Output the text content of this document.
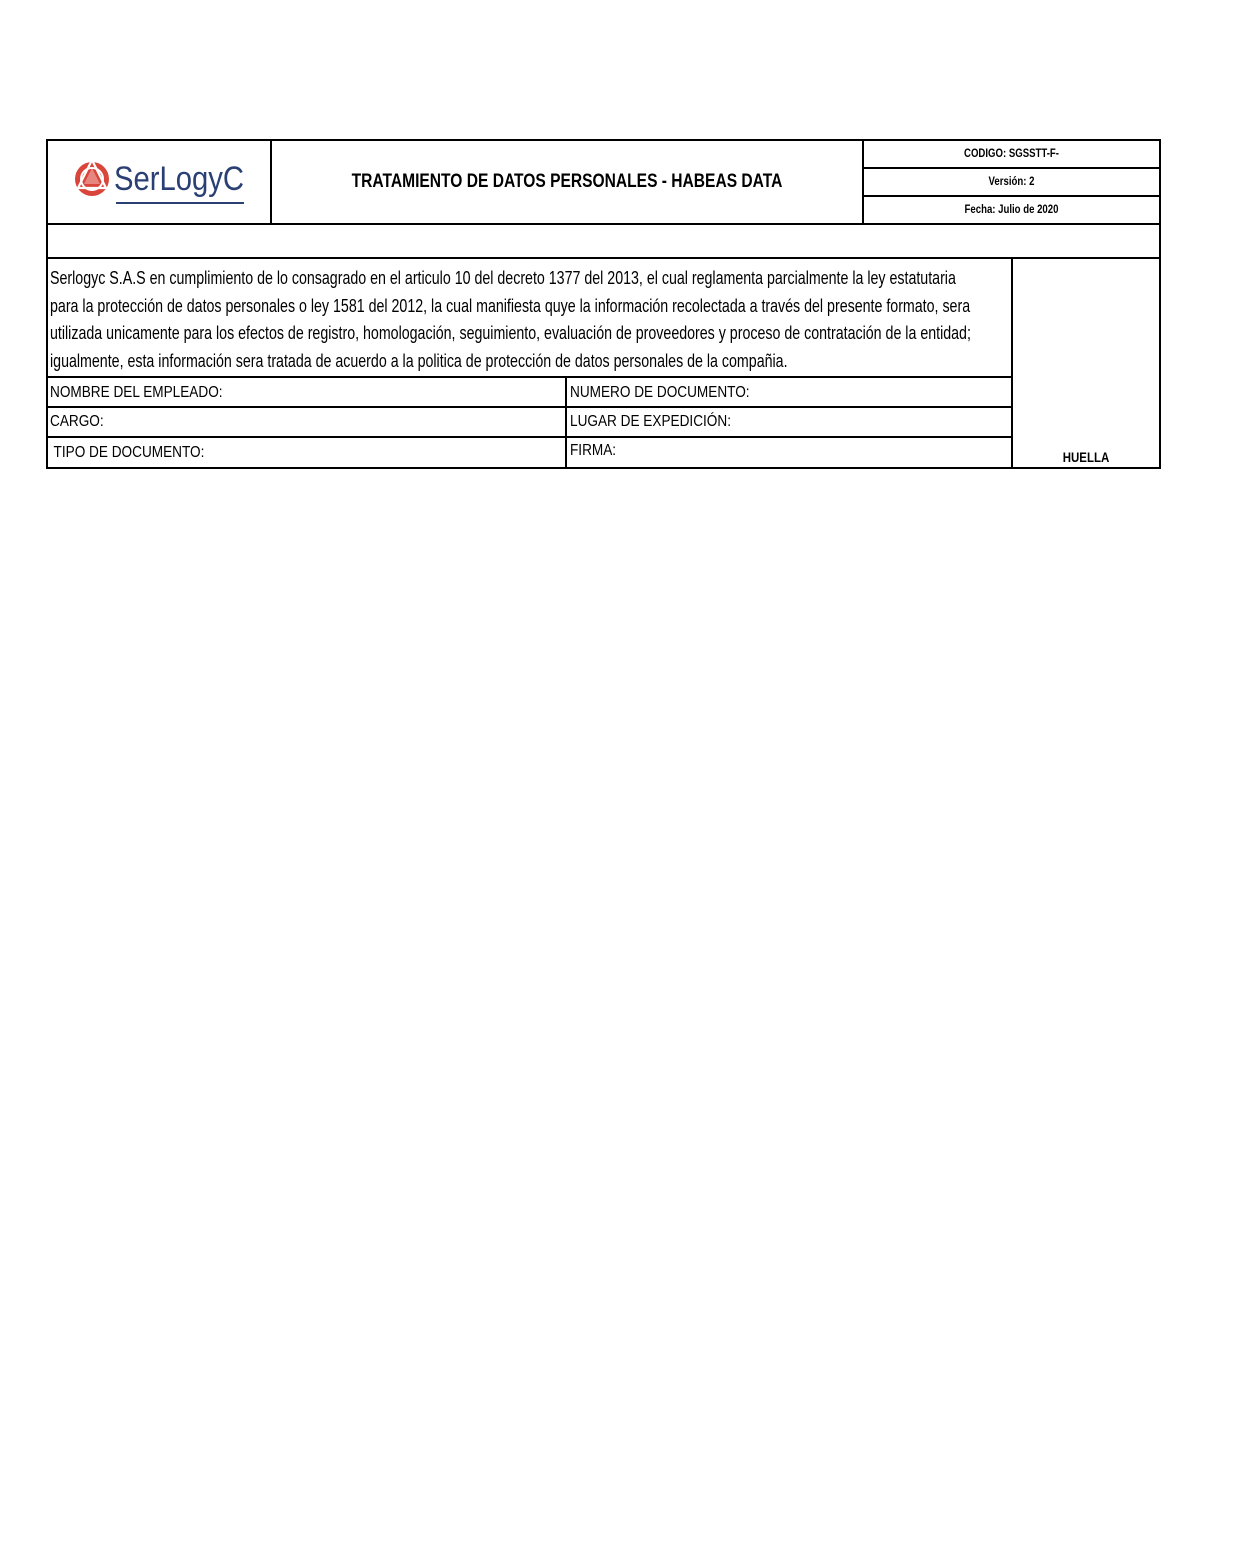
SerLogyC	TRATAMIENTO DE DATOS PERSONALES - HABEAS DATA
CODIGO: SGSSTT-F-
Versión: 2
Fecha: Julio de 2020
Serlogyc S.A.S en cumplimiento de lo consagrado en el articulo 10 del decreto 1377 del 2013, el cual reglamenta parcialmente la ley estatutaria
para la protección de datos personales o ley 1581 del 2012, la cual manifiesta quye la información recolectada a través del presente formato, sera
utilizada unicamente para los efectos de registro, homologación, seguimiento, evaluación de proveedores y proceso de contratación de la entidad;
igualmente, esta información sera tratada de acuerdo a la politica de protección de datos personales de la compañia.
NOMBRE DEL EMPLEADO:	NUMERO DE DOCUMENTO:
CARGO:	LUGAR DE EXPEDICIÓN:
TIPO DE DOCUMENTO:	FIRMA:	HUELLA
